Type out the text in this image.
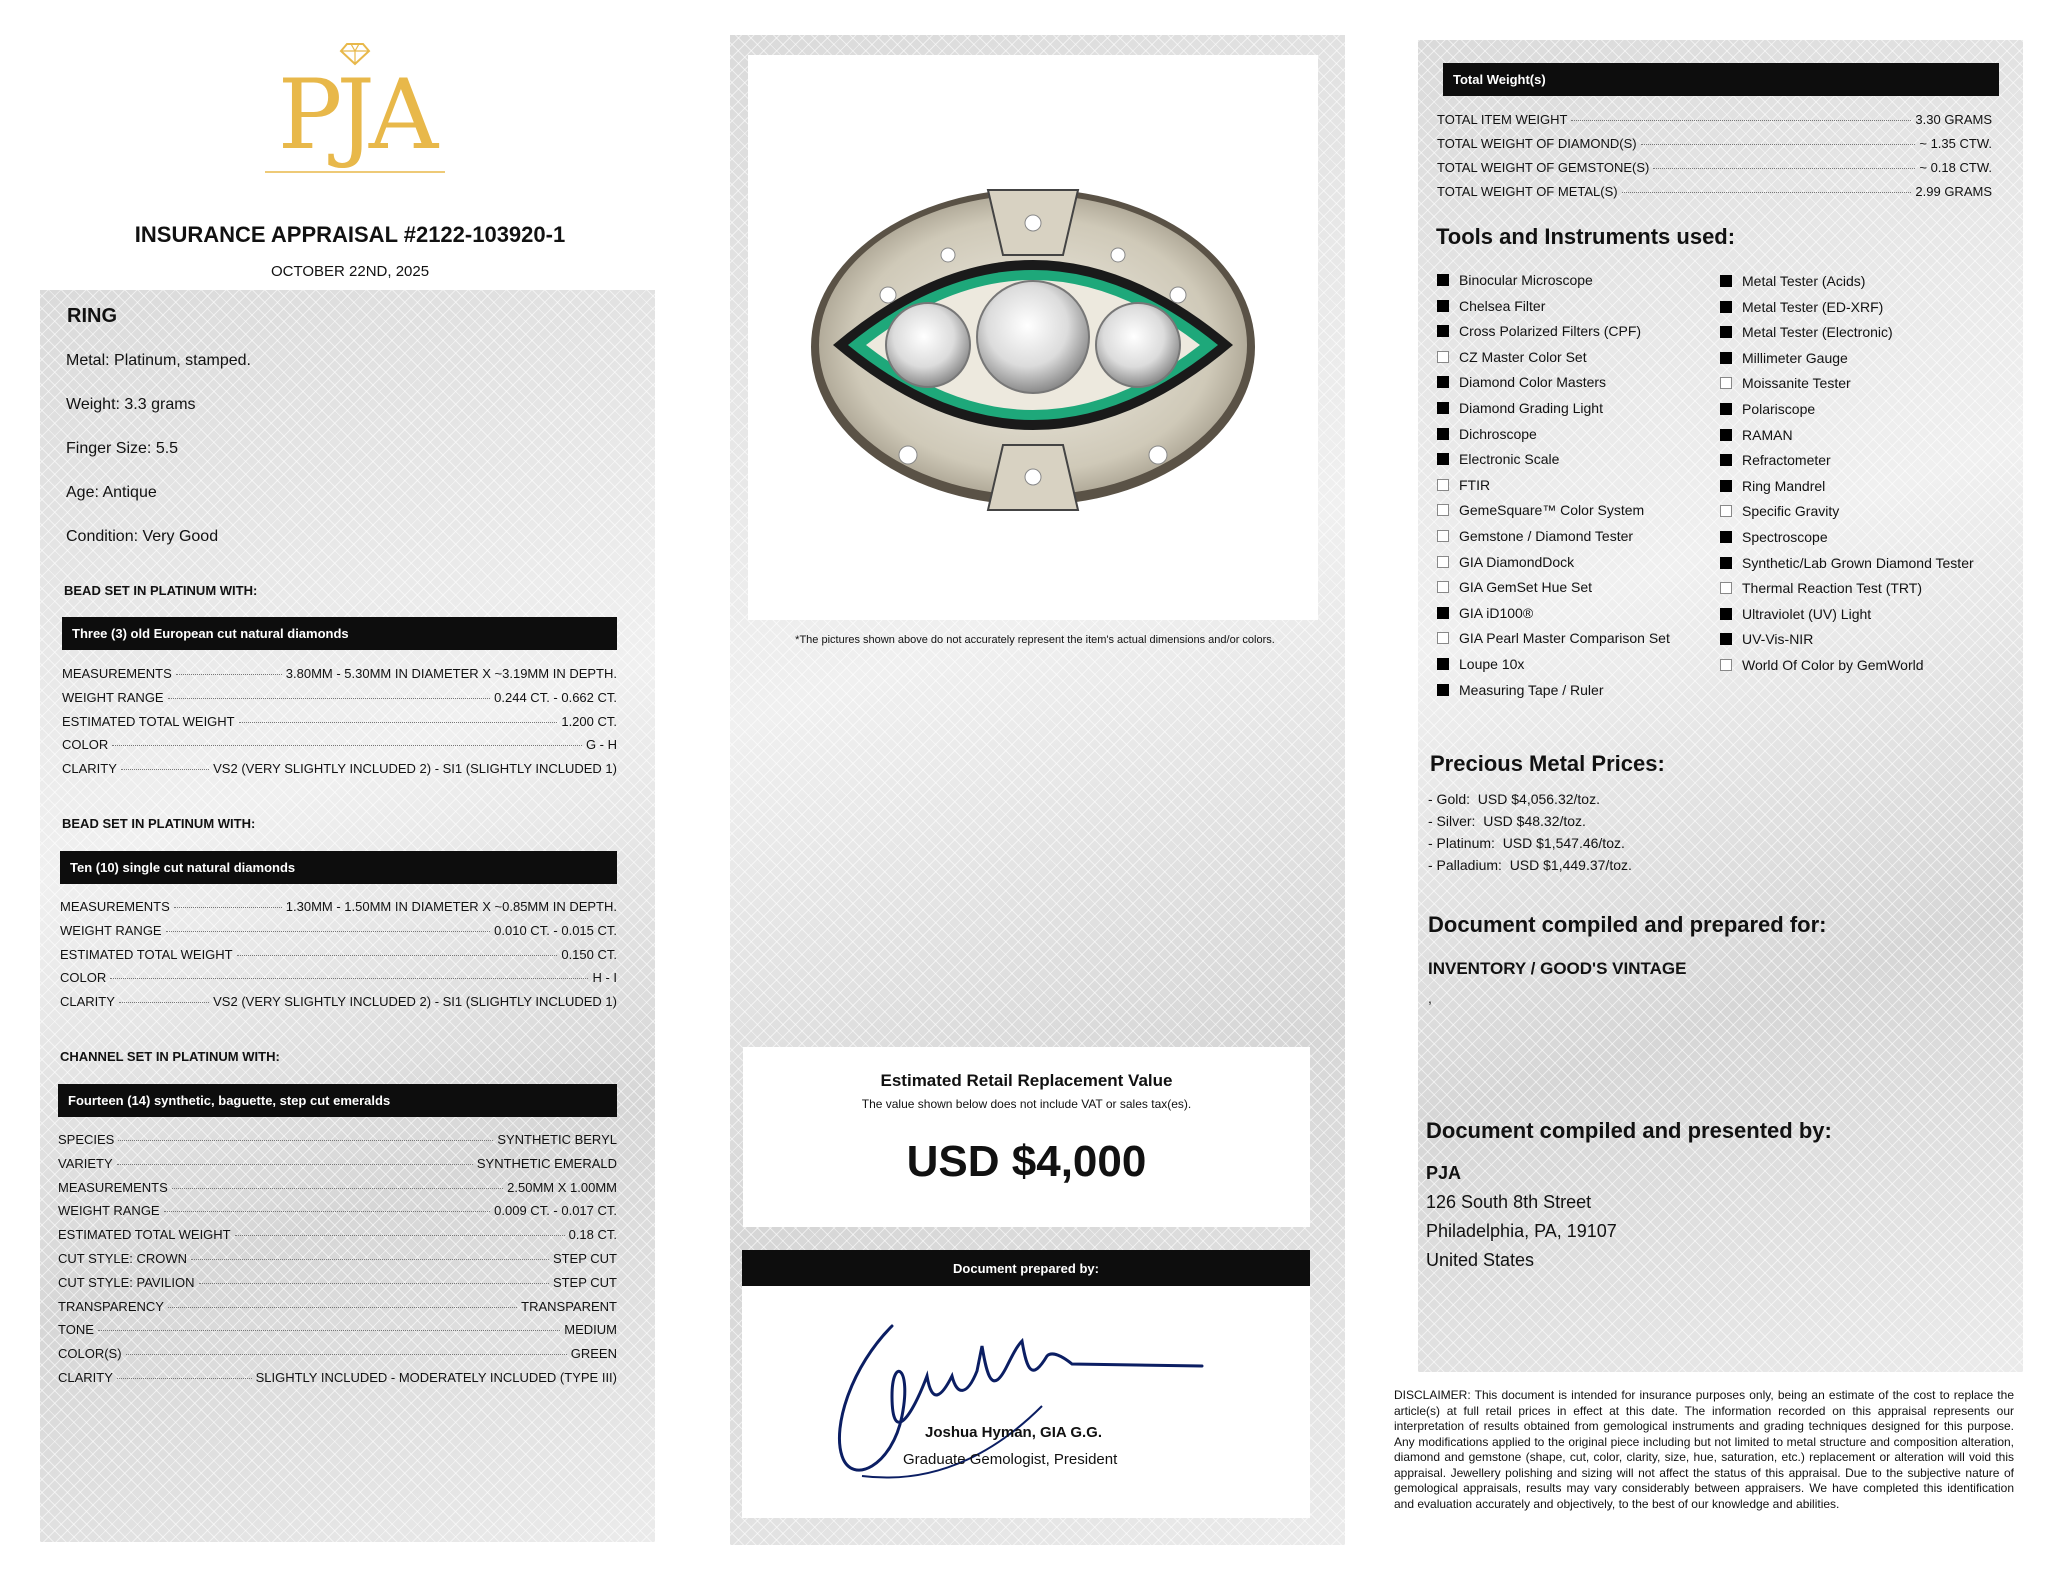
PJA
INSURANCE APPRAISAL #2122-103920-1
OCTOBER 22ND, 2025
RING
Metal: Platinum, stamped.
Weight: 3.3 grams
Finger Size: 5.5
Age: Antique
Condition: Very Good
BEAD SET IN PLATINUM WITH:
Three (3) old European cut natural diamonds
MEASUREMENTS	3.80MM - 5.30MM IN DIAMETER X ~3.19MM IN DEPTH.
WEIGHT RANGE	0.244 CT. - 0.662 CT.
ESTIMATED TOTAL WEIGHT	1.200 CT.
COLOR	G - H
CLARITY	VS2 (VERY SLIGHTLY INCLUDED 2) - SI1 (SLIGHTLY INCLUDED 1)
BEAD SET IN PLATINUM WITH:
Ten (10) single cut natural diamonds
MEASUREMENTS	1.30MM - 1.50MM IN DIAMETER X ~0.85MM IN DEPTH.
WEIGHT RANGE	0.010 CT. - 0.015 CT.
ESTIMATED TOTAL WEIGHT	0.150 CT.
COLOR	H - I
CLARITY	VS2 (VERY SLIGHTLY INCLUDED 2) - SI1 (SLIGHTLY INCLUDED 1)
CHANNEL SET IN PLATINUM WITH:
Fourteen (14) synthetic, baguette, step cut emeralds
SPECIES	SYNTHETIC BERYL
VARIETY	SYNTHETIC EMERALD
MEASUREMENTS	2.50MM X 1.00MM
WEIGHT RANGE	0.009 CT. - 0.017 CT.
ESTIMATED TOTAL WEIGHT	0.18 CT.
CUT STYLE: CROWN	STEP CUT
CUT STYLE: PAVILION	STEP CUT
TRANSPARENCY	TRANSPARENT
TONE	MEDIUM
COLOR(S)	GREEN
CLARITY	SLIGHTLY INCLUDED - MODERATELY INCLUDED (TYPE III)
*The pictures shown above do not accurately represent the item's actual dimensions and/or colors.
Estimated Retail Replacement Value
The value shown below does not include VAT or sales tax(es).
USD $4,000
Document prepared by:
Joshua Hyman, GIA G.G.
Graduate Gemologist, President
Total Weight(s)
TOTAL ITEM WEIGHT	3.30 GRAMS
TOTAL WEIGHT OF DIAMOND(S)	~ 1.35 CTW.
TOTAL WEIGHT OF GEMSTONE(S)	~ 0.18 CTW.
TOTAL WEIGHT OF METAL(S)	2.99 GRAMS
Tools and Instruments used:
Binocular Microscope
Chelsea Filter
Cross Polarized Filters (CPF)
CZ Master Color Set
Diamond Color Masters
Diamond Grading Light
Dichroscope
Electronic Scale
FTIR
GemeSquare™ Color System
Gemstone / Diamond Tester
GIA DiamondDock
GIA GemSet Hue Set
GIA iD100®
GIA Pearl Master Comparison Set
Loupe 10x
Measuring Tape / Ruler
Metal Tester (Acids)
Metal Tester (ED-XRF)
Metal Tester (Electronic)
Millimeter Gauge
Moissanite Tester
Polariscope
RAMAN
Refractometer
Ring Mandrel
Specific Gravity
Spectroscope
Synthetic/Lab Grown Diamond Tester
Thermal Reaction Test (TRT)
Ultraviolet (UV) Light
UV-Vis-NIR
World Of Color by GemWorld
Precious Metal Prices:
- Gold:  USD $4,056.32/toz.
- Silver:  USD $48.32/toz.
- Platinum:  USD $1,547.46/toz.
- Palladium:  USD $1,449.37/toz.
Document compiled and prepared for:
INVENTORY / GOOD'S VINTAGE
,
Document compiled and presented by:
PJA
126 South 8th Street
Philadelphia, PA, 19107
United States
DISCLAIMER: This document is intended for insurance purposes only, being an estimate of the cost to replace the article(s) at full retail prices in effect at this date. The information recorded on this appraisal represents our interpretation of results obtained from gemological instruments and grading techniques designed for this purpose. Any modifications applied to the original piece including but not limited to metal structure and composition alteration, diamond and gemstone (shape, cut, color, clarity, size, hue, saturation, etc.) replacement or alteration will void this appraisal. Jewellery polishing and sizing will not affect the status of this appraisal. Due to the subjective nature of gemological appraisals, results may vary considerably between appraisers. We have completed this identification and evaluation accurately and objectively, to the best of our knowledge and abilities.
